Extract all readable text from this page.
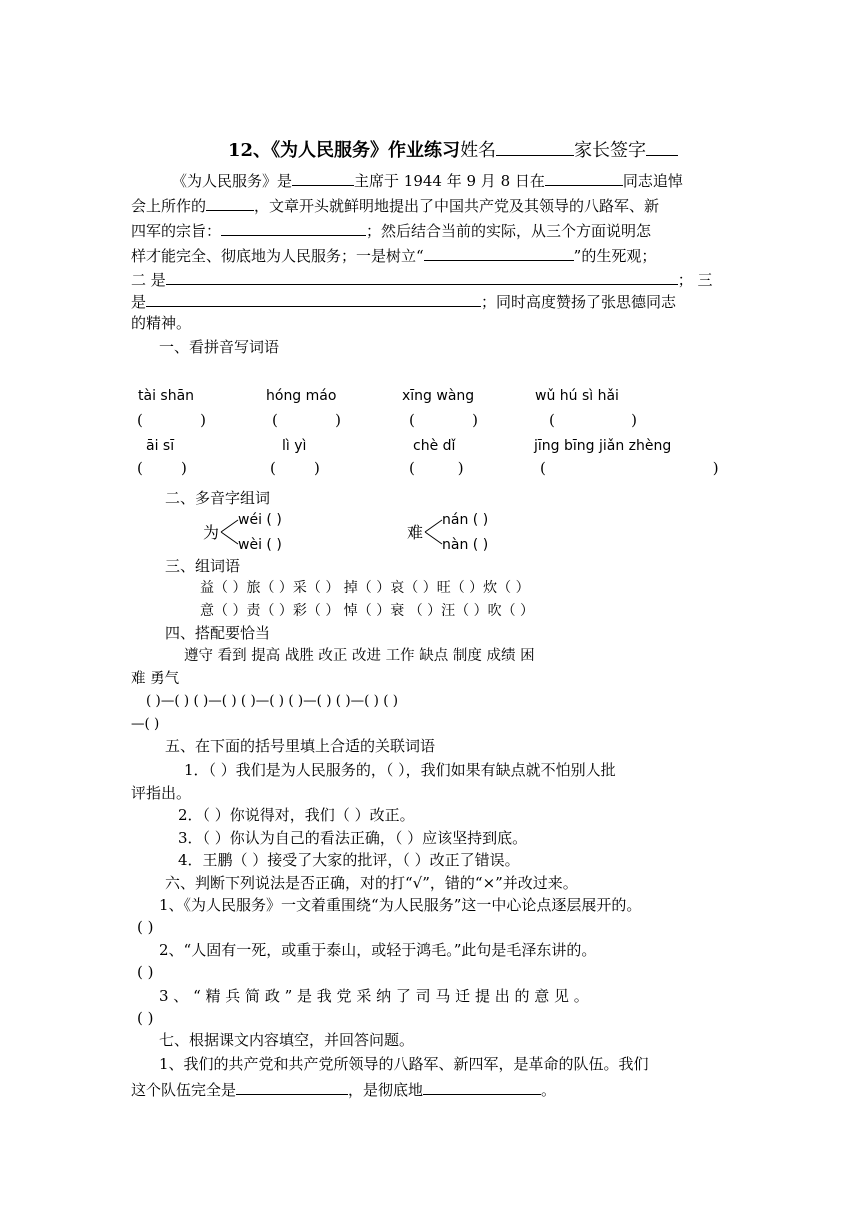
12、《为人民服务》作业练习姓名	家长签字
《为人民服务》是	主席于 1944 年 9 月 8 日在	同志追悼
会上所作的	，文章开头就鲜明地提出了中国共产党及其领导的八路军、新
四军的宗旨：	；然后结合当前的实际，从三个方面说明怎
样才能完全、彻底地为人民服务；一是树立“	”的生死观；
二 是	； 三
是	；同时高度赞扬了张思德同志
的精神。
一、看拼音写词语
tài shān	hóng máo	xīng wàng	wǔ hú sì hǎi
(            )	(            )	(            )	(                )
āi sī	lì yì	chè dǐ	jīng bīng jiǎn zhèng
(        )	(        )	(         )	(                                   )
二、多音字组词
为
wéi ( )
wèi ( )
难
nán ( )
nàn ( )
三、组词语
益（ ）旅（ ）采（ ） 掉（ ）哀（ ）旺（ ）炊（ ）
意（ ）责（ ）彩（ ） 悼（ ）衰 （ ）汪（ ）吹（ ）
四、搭配要恰当
遵守 看到 提高 战胜 改正 改进 工作 缺点 制度 成绩 困
难 勇气
( )—( ) ( )—( ) ( )—( ) ( )—( ) ( )—( ) ( )
—( )
五、在下面的括号里填上合适的关联词语
1．（ ）我们是为人民服务的，（ ），我们如果有缺点就不怕别人批
评指出。
2．（ ）你说得对，我们（ ）改正。
3．（ ）你认为自己的看法正确，（ ）应该坚持到底。
4．王鹏（ ）接受了大家的批评，（ ）改正了错误。
六、判断下列说法是否正确，对的打“√”，错的“×”并改过来。
1、《为人民服务》一文着重围绕“为人民服务”这一中心论点逐层展开的。
( )
2、“人固有一死，或重于泰山，或轻于鸿毛。”此句是毛泽东讲的。
( )
3 、 “ 精 兵 简 政 ” 是 我 党 采 纳 了 司 马 迁 提 出 的 意 见 。
( )
七、根据课文内容填空，并回答问题。
1、我们的共产党和共产党所领导的八路军、新四军，是革命的队伍。我们
这个队伍完全是	，是彻底地	。
